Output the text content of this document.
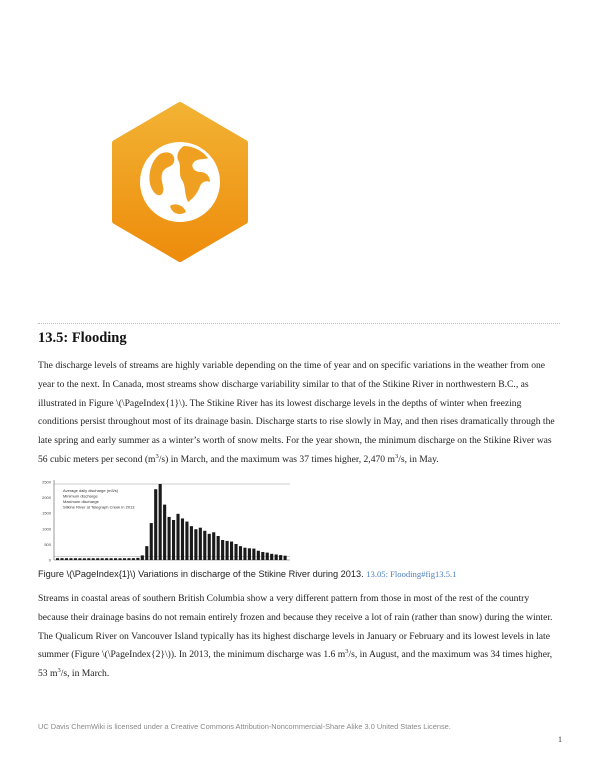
13.5: Flooding

The discharge levels of streams are highly variable depending on the time of year and on specific variations in the weather from one year to the next. In Canada, most streams show discharge variability similar to that of the Stikine River in northwestern B.C., as illustrated in Figure \(\PageIndex{1}\). The Stikine River has its lowest discharge levels in the depths of winter when freezing conditions persist throughout most of its drainage basin. Discharge starts to rise slowly in May, and then rises dramatically through the late spring and early summer as a winter’s worth of snow melts. For the year shown, the minimum discharge on the Stikine River was 56 cubic meters per second $(m^3/s)$ in March, and the maximum was 37 times higher, 2,470 $m^3/s$, in May.

2500
2000
1500
1000
500
0
Average daily discharge (m3/s)
Minimum discharge
Maximum discharge
Stikine River at Telegraph Creek in 2013

Figure \(\PageIndex{1}\) Variations in discharge of the Stikine River during 2013. 13.05: Flooding#fig13.5.1

Streams in coastal areas of southern British Columbia show a very different pattern from those in most of the rest of the country because their drainage basins do not remain entirely frozen and because they receive a lot of rain (rather than snow) during the winter. The Qualicum River on Vancouver Island typically has its highest discharge levels in January or February and its lowest levels in late summer (Figure \(\PageIndex{2}\)). In 2013, the minimum discharge was 1.6 $m^3/s$, in August, and the maximum was 34 times higher, 53 $m^3/s$, in March.

UC Davis ChemWiki is licensed under a Creative Commons Attribution-Noncommercial-Share Alike 3.0 United States License.

1
